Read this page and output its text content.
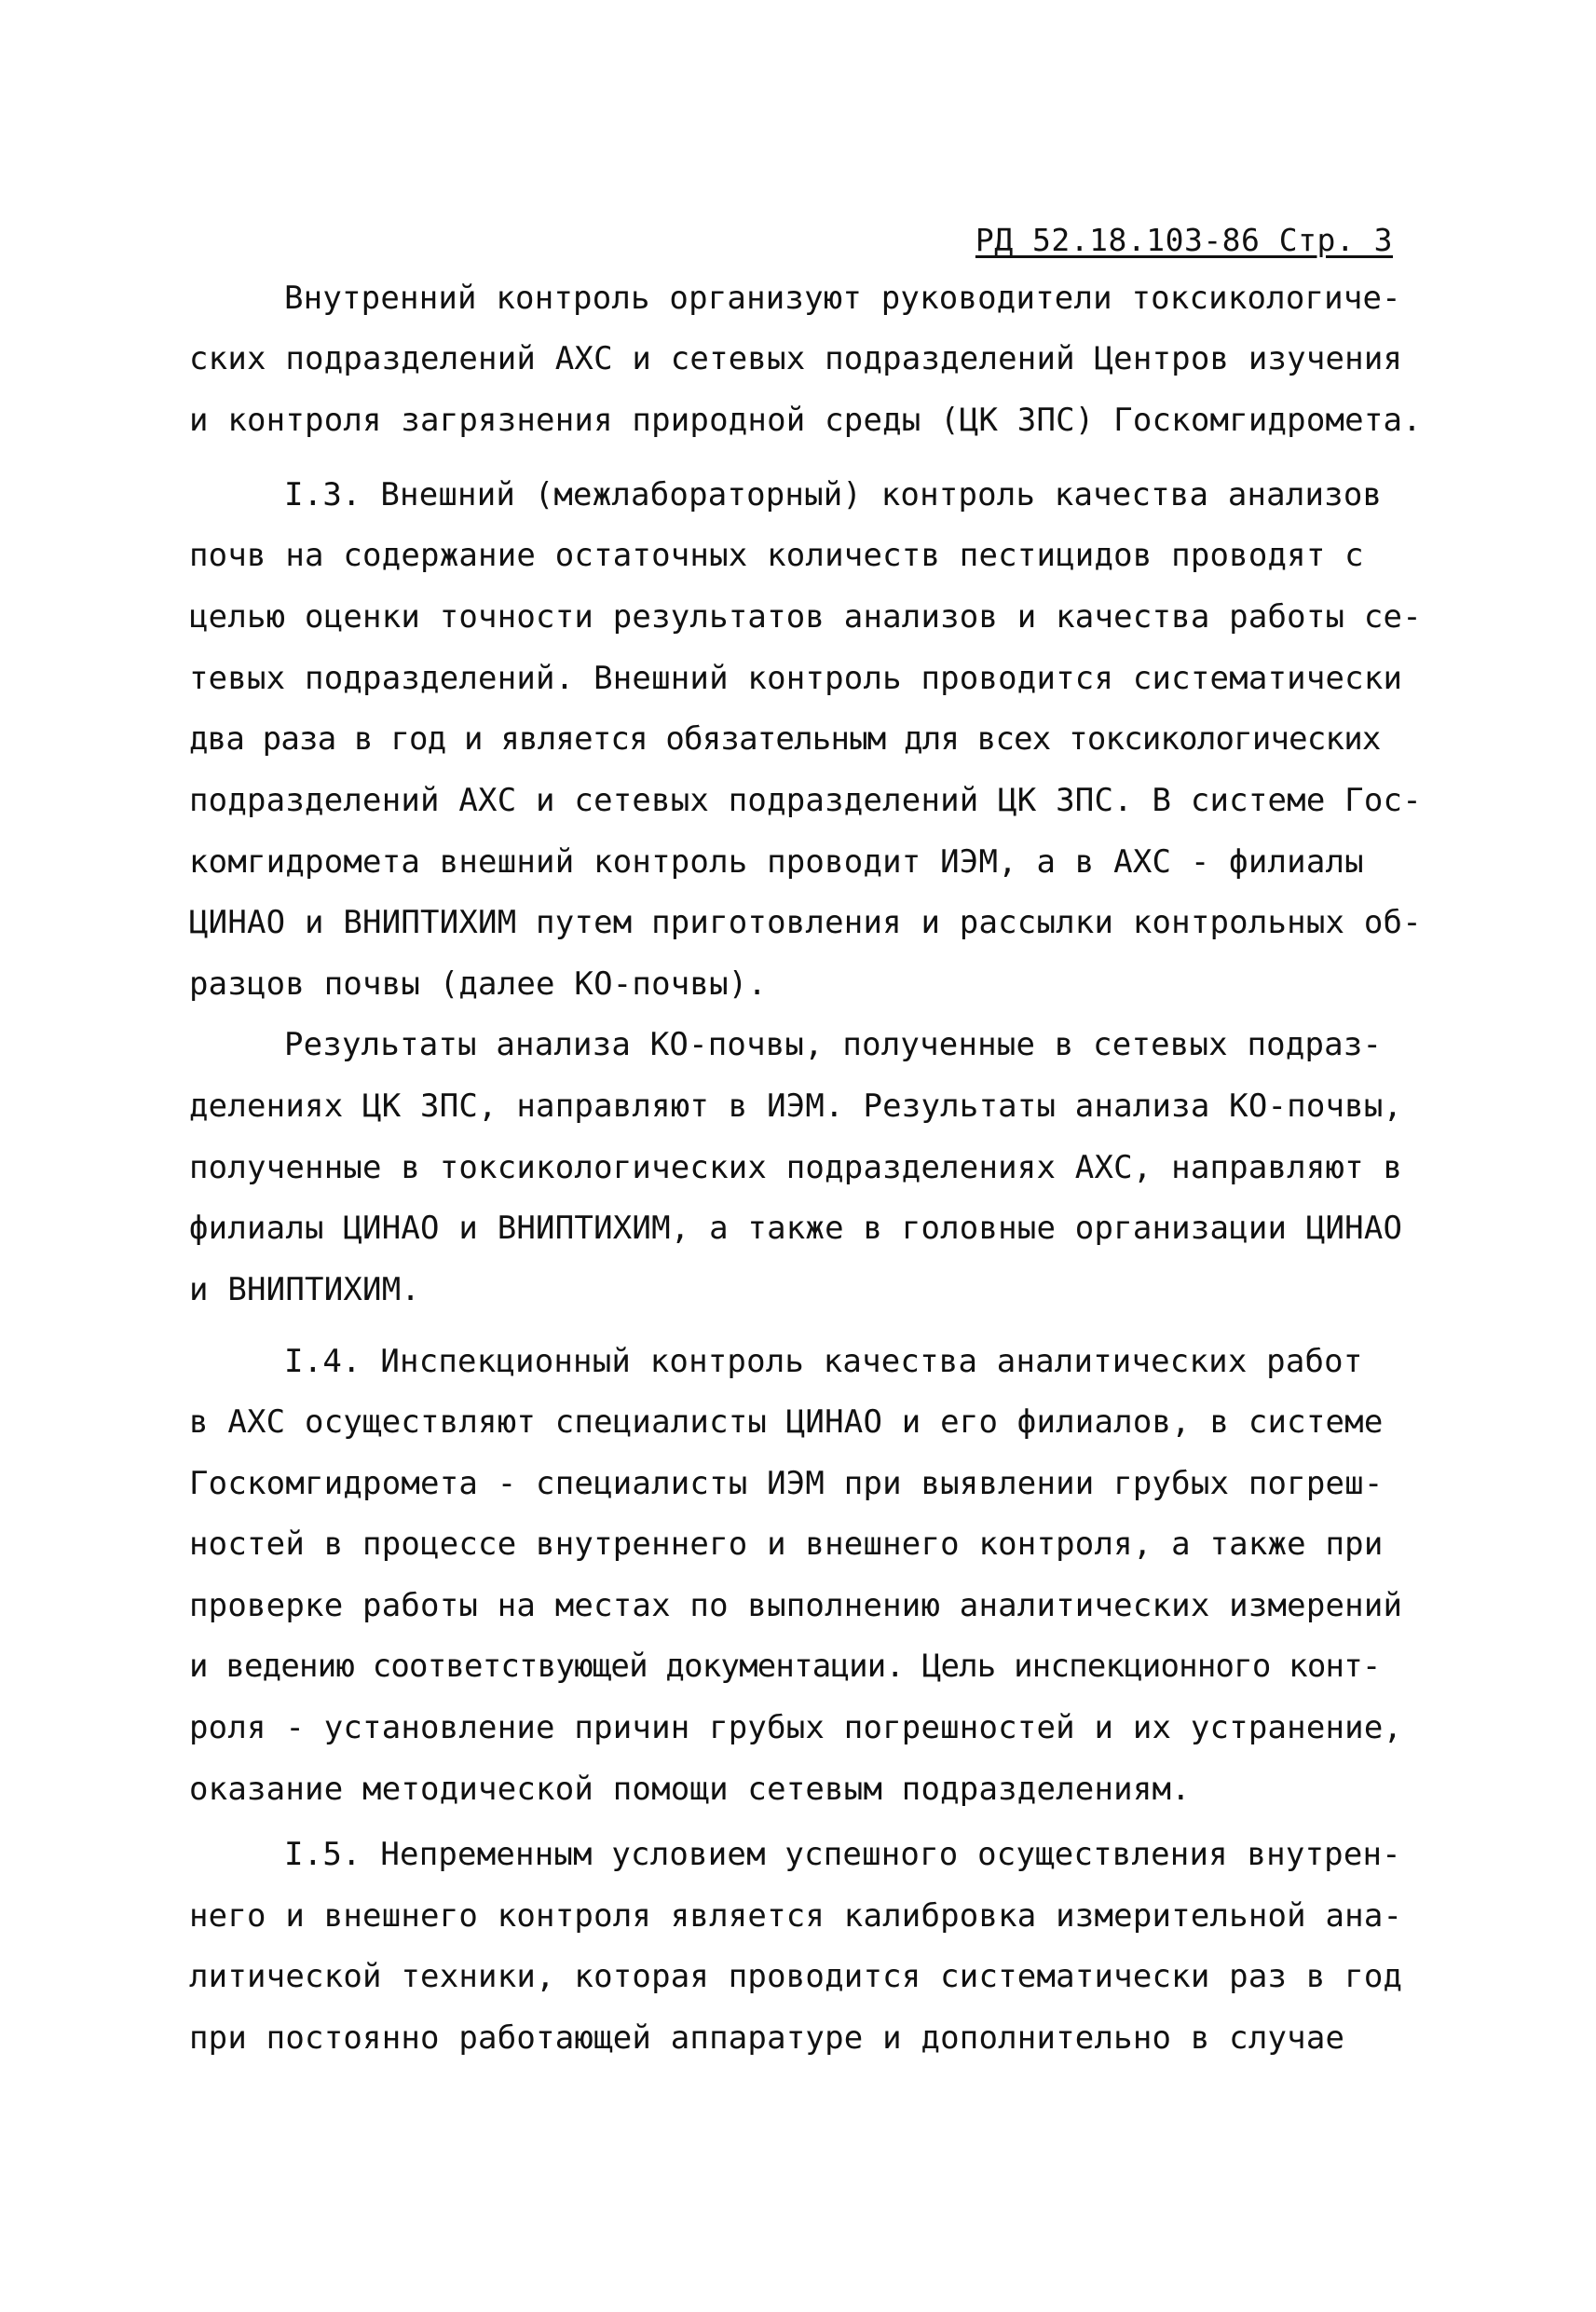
РД 52.18.103-86 Стр. 3
Внутренний контроль организуют руководители токсикологиче-
ских подразделений АХС и сетевых подразделений Центров изучения
и контроля загрязнения природной среды (ЦК ЗПС) Госкомгидромета.
I.3. Внешний (межлабораторный) контроль качества анализов
почв на содержание остаточных количеств пестицидов проводят с
целью оценки точности результатов анализов и качества работы се-
тевых подразделений. Внешний контроль проводится систематически
два раза в год и является обязательным для всех токсикологических
подразделений АХС и сетевых подразделений ЦК ЗПС. В системе Гос-
комгидромета внешний контроль проводит ИЭМ, а в АХС - филиалы
ЦИНАО и ВНИПТИХИМ путем приготовления и рассылки контрольных об-
разцов почвы (далее КО-почвы).
Результаты анализа КО-почвы, полученные в сетевых подраз-
делениях ЦК ЗПС, направляют в ИЭМ. Результаты анализа КО-почвы,
полученные в токсикологических подразделениях АХС, направляют в
филиалы ЦИНАО и ВНИПТИХИМ, а также в головные организации ЦИНАО
и ВНИПТИХИМ.
I.4. Инспекционный контроль качества аналитических работ
в АХС осуществляют специалисты ЦИНАО и его филиалов, в системе
Госкомгидромета - специалисты ИЭМ при выявлении грубых погреш-
ностей в процессе внутреннего и внешнего контроля, а также при
проверке работы на местах по выполнению аналитических измерений
и ведению соответствующей документации. Цель инспекционного конт-
роля - установление причин грубых погрешностей и их устранение,
оказание методической помощи сетевым подразделениям.
I.5. Непременным условием успешного осуществления внутрен-
него и внешнего контроля является калибровка измерительной ана-
литической техники, которая проводится систематически раз в год
при постоянно работающей аппаратуре и дополнительно в случае
